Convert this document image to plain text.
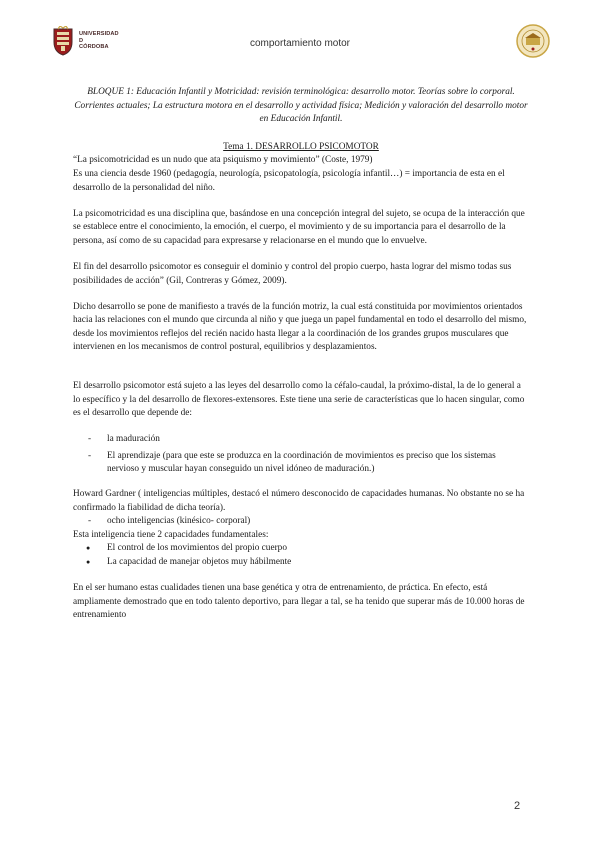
UNIVERSIDAD
D
CÓRDOBA	comportamiento motor

BLOQUE 1: Educación Infantil y Motricidad: revisión terminológica: desarrollo motor. Teorías sobre lo corporal. Corrientes actuales; La estructura motora en el desarrollo y actividad física; Medición y valoración del desarrollo motor en Educación Infantil.

Tema 1. DESARROLLO PSICOMOTOR

“La psicomotricidad es un nudo que ata psiquismo y movimiento” (Coste, 1979)

Es una ciencia desde 1960 (pedagogía, neurología, psicopatología, psicología infantil…) = importancia de esta en el desarrollo de la personalidad del niño.

La psicomotricidad es una disciplina que, basándose en una concepción integral del sujeto, se ocupa de la interacción que se establece entre el conocimiento, la emoción, el cuerpo, el movimiento y de su importancia para el desarrollo de la persona, así como de su capacidad para expresarse y relacionarse en el mundo que lo envuelve.

El fin del desarrollo psicomotor es conseguir el dominio y control del propio cuerpo, hasta lograr del mismo todas sus posibilidades de acción” (Gil, Contreras y Gómez, 2009).

Dicho desarrollo se pone de manifiesto a través de la función motriz, la cual está constituida por movimientos orientados hacia las relaciones con el mundo que circunda al niño y que juega un papel fundamental en todo el desarrollo del mismo, desde los movimientos reflejos del recién nacido hasta llegar a la coordinación de los grandes grupos musculares que intervienen en los mecanismos de control postural, equilibrios y desplazamientos.

El desarrollo psicomotor está sujeto a las leyes del desarrollo como la céfalo-caudal, la próximo-distal, la de lo general a lo específico y la del desarrollo de flexores-extensores. Este tiene una serie de características que lo hacen singular, como es el desarrollo que depende de:

- la maduración
- El aprendizaje (para que este se produzca en la coordinación de movimientos es preciso que los sistemas nervioso y muscular hayan conseguido un nivel idóneo de maduración.)

Howard Gardner ( inteligencias múltiples, destacó el número desconocido de capacidades humanas. No obstante no se ha confirmado la fiabilidad de dicha teoría).

- ocho inteligencias (kinésico- corporal)

Esta inteligencia tiene 2 capacidades fundamentales:

● El control de los movimientos del propio cuerpo
● La capacidad de manejar objetos muy hábilmente

En el ser humano estas cualidades tienen una base genética y otra de entrenamiento, de práctica. En efecto, está ampliamente demostrado que en todo talento deportivo, para llegar a tal, se ha tenido que superar más de 10.000 horas de entrenamiento

2
